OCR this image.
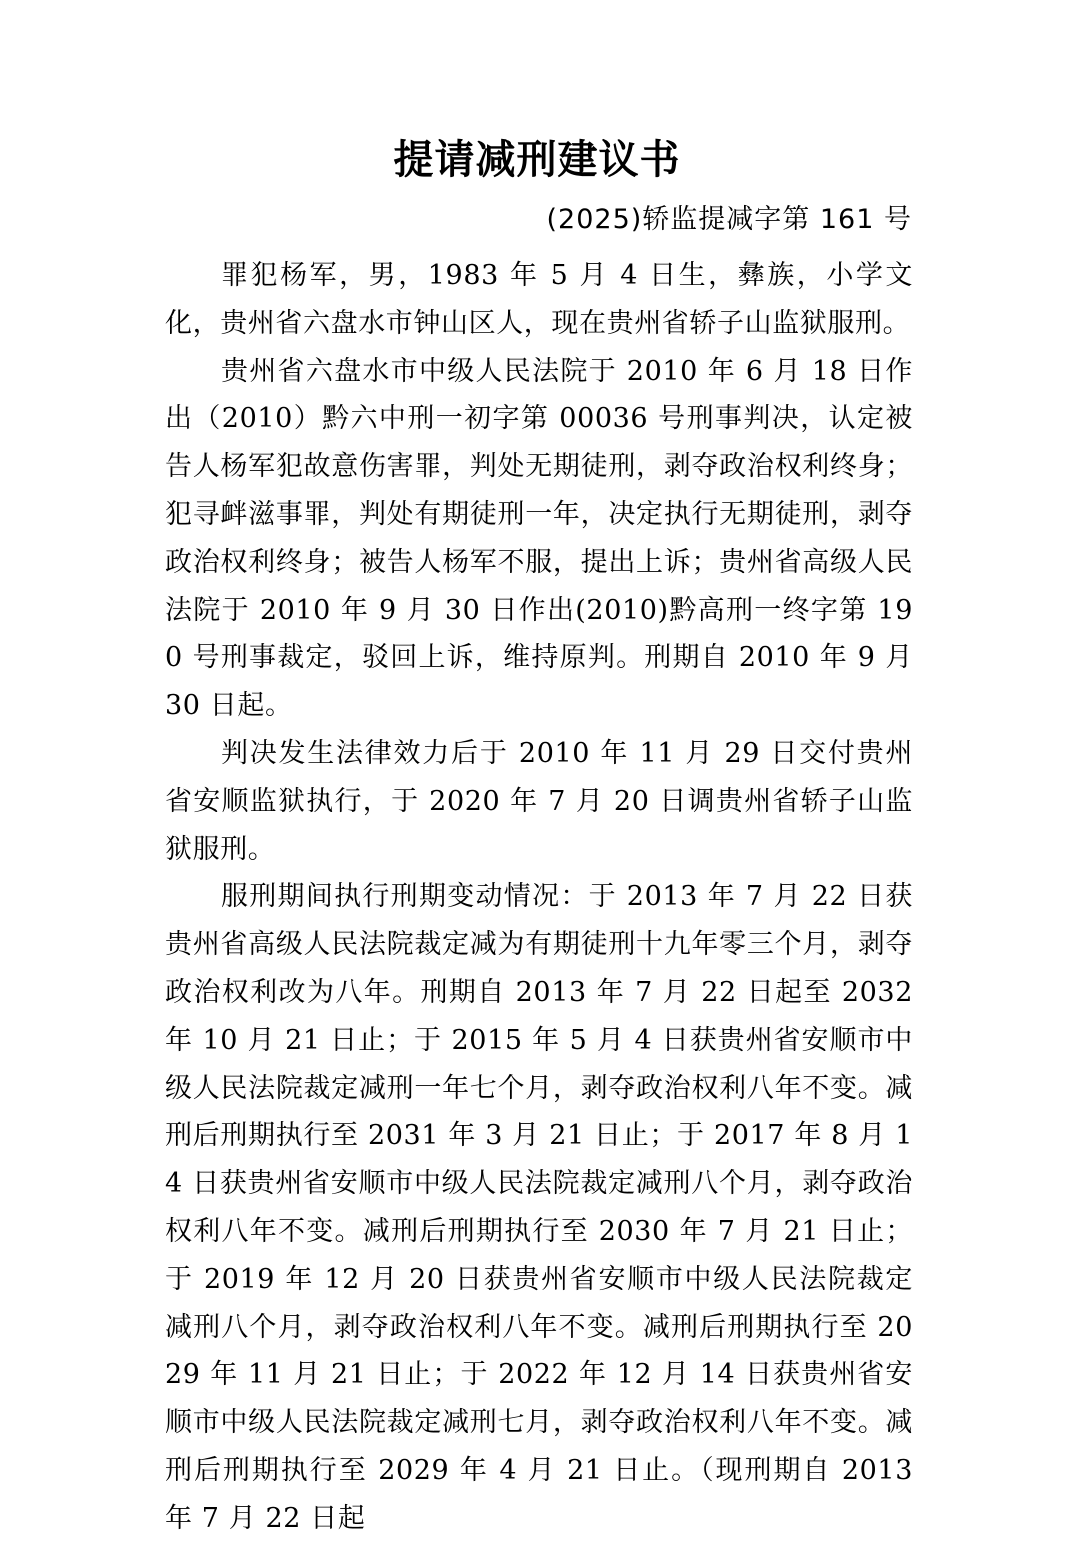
提请减刑建议书
(2025)轿监提减字第 161 号

罪犯杨军，男，1983 年 5 月 4 日生，彝族，小学文化，贵州省六盘水市钟山区人，现在贵州省轿子山监狱服刑。

贵州省六盘水市中级人民法院于 2010 年 6 月 18 日作出（2010）黔六中刑一初字第 00036 号刑事判决，认定被告人杨军犯故意伤害罪，判处无期徒刑，剥夺政治权利终身；犯寻衅滋事罪，判处有期徒刑一年，决定执行无期徒刑，剥夺政治权利终身；被告人杨军不服，提出上诉；贵州省高级人民法院于 2010 年 9 月 30 日作出(2010)黔高刑一终字第 190 号刑事裁定，驳回上诉，维持原判。刑期自 2010 年 9 月 30 日起。

判决发生法律效力后于 2010 年 11 月 29 日交付贵州省安顺监狱执行，于 2020 年 7 月 20 日调贵州省轿子山监狱服刑。

服刑期间执行刑期变动情况：于 2013 年 7 月 22 日获贵州省高级人民法院裁定减为有期徒刑十九年零三个月，剥夺政治权利改为八年。刑期自 2013 年 7 月 22 日起至 2032 年 10 月 21 日止；于 2015 年 5 月 4 日获贵州省安顺市中级人民法院裁定减刑一年七个月，剥夺政治权利八年不变。减刑后刑期执行至 2031 年 3 月 21 日止；于 2017 年 8 月 14 日获贵州省安顺市中级人民法院裁定减刑八个月，剥夺政治权利八年不变。减刑后刑期执行至 2030 年 7 月 21 日止；于 2019 年 12 月 20 日获贵州省安顺市中级人民法院裁定减刑八个月，剥夺政治权利八年不变。减刑后刑期执行至 2029 年 11 月 21 日止；于 2022 年 12 月 14 日获贵州省安顺市中级人民法院裁定减刑七月，剥夺政治权利八年不变。减刑后刑期执行至 2029 年 4 月 21 日止。（现刑期自 2013 年 7 月 22 日起
